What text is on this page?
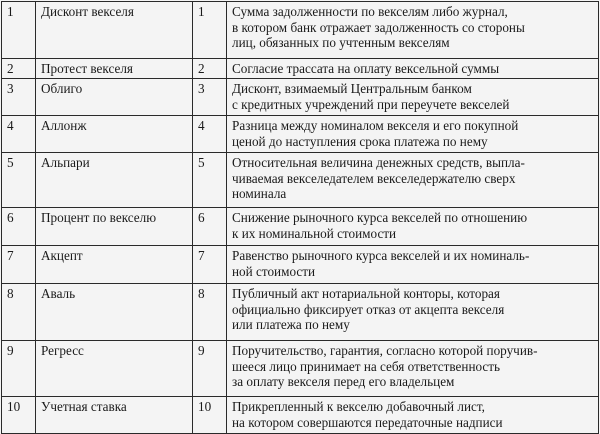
1	Дисконт векселя	1	Сумма задолженности по векселям либо журнал,
в котором банк отражает задолженность со стороны
лиц, обязанных по учтенным векселям

2	Протест векселя	2	Согласие трассата на оплату вексельной суммы

3	Облиго	3	Дисконт, взимаемый Центральным банком
с кредитных учреждений при переучете векселей

4	Аллонж	4	Разница между номиналом векселя и его покупной
ценой до наступления срока платежа по нему

5	Альпари	5	Относительная величина денежных средств, выпла-
чиваемая векселедателем векселедержателю сверх
номинала

6	Процент по векселю	6	Снижение рыночного курса векселей по отношению
к их номинальной стоимости

7	Акцепт	7	Равенство рыночного курса векселей и их номиналь-
ной стоимости

8	Аваль	8	Публичный акт нотариальной конторы, которая
официально фиксирует отказ от акцепта векселя
или платежа по нему

9	Регресс	9	Поручительство, гарантия, согласно которой поручив-
шееся лицо принимает на себя ответственность
за оплату векселя перед его владельцем

10	Учетная ставка	10	Прикрепленный к векселю добавочный лист,
на котором совершаются передаточные надписи
